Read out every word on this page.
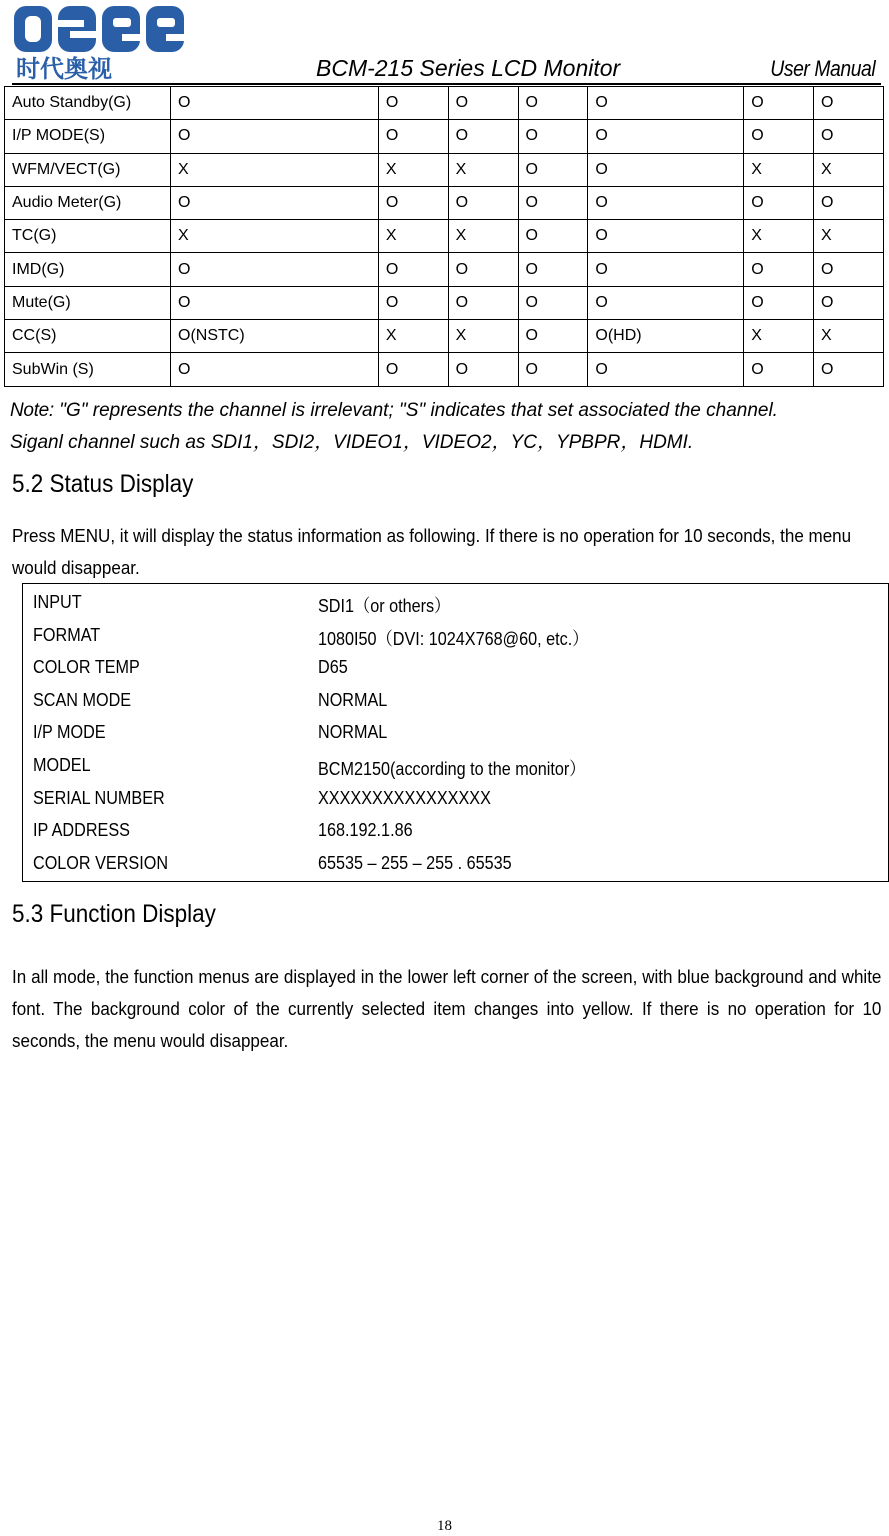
时代奥视	BCM-215 Series LCD Monitor	User Manual
Auto Standby(G)	O	O	O	O	O	O	O
I/P MODE(S)	O	O	O	O	O	O	O
WFM/VECT(G)	X	X	X	O	O	X	X
Audio Meter(G)	O	O	O	O	O	O	O
TC(G)	X	X	X	O	O	X	X
IMD(G)	O	O	O	O	O	O	O
Mute(G)	O	O	O	O	O	O	O
CC(S)	O(NSTC)	X	X	O	O(HD)	X	X
SubWin (S)	O	O	O	O	O	O	O
Note: "G" represents the channel is irrelevant; "S" indicates that set associated the channel.
Siganl channel such as SDI1，SDI2，VIDEO1，VIDEO2，YC，YPBPR，HDMI.
5.2 Status Display
Press MENU, it will display the status information as following. If there is no operation for 10 seconds, the menu would disappear.
INPUT	SDI1（or others）
FORMAT	1080I50（DVI: 1024X768@60, etc.）
COLOR TEMP	D65
SCAN MODE	NORMAL
I/P MODE	NORMAL
MODEL	BCM2150(according to the monitor）
SERIAL NUMBER	XXXXXXXXXXXXXXXX
IP ADDRESS	168.192.1.86
COLOR VERSION	65535 – 255 – 255 . 65535
5.3 Function Display
In all mode, the function menus are displayed in the lower left corner of the screen, with blue background and white font. The background color of the currently selected item changes into yellow. If there is no operation for 10 seconds, the menu would disappear.
18
